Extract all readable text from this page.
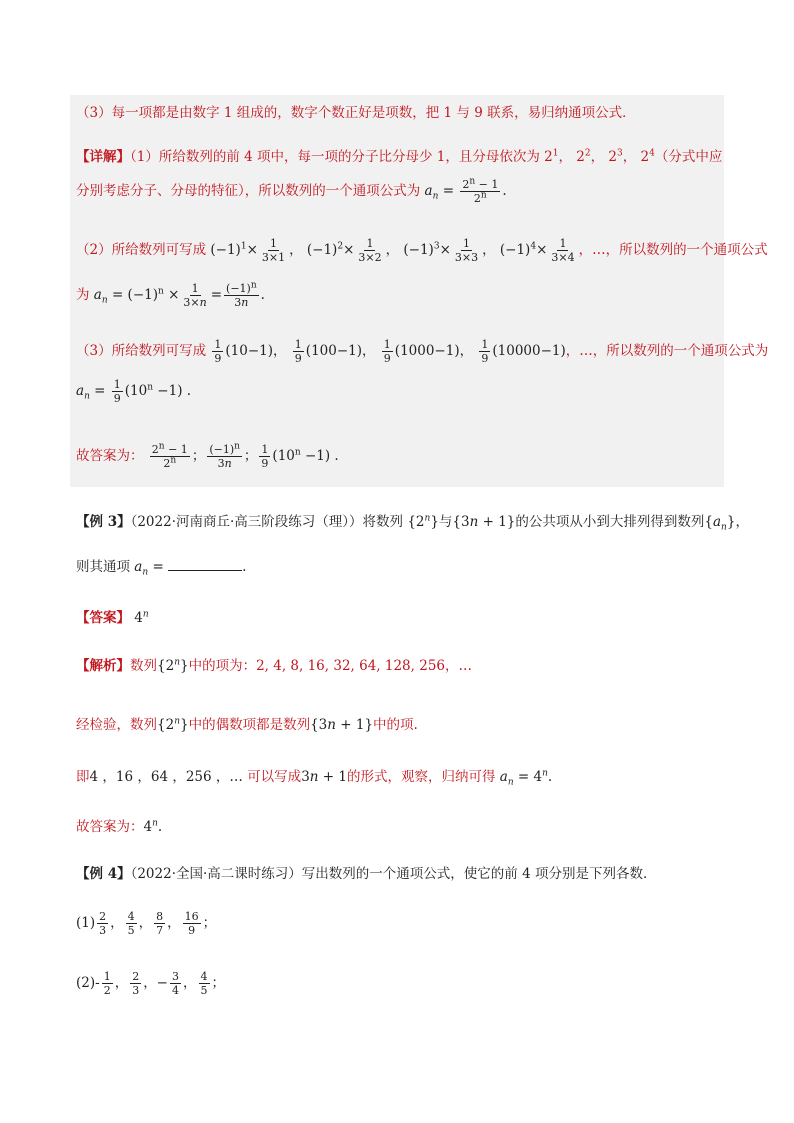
（3）每一项都是由数字 1 组成的，数字个数正好是项数，把 1 与 9 联系，易归纳通项公式．
【详解】（1）所给数列的前 4 项中，每一项的分子比分母少 1，且分母依次为 $2^1$， $2^2$， $2^3$， $2^4$（分式中应
分别考虑分子、分母的特征），所以数列的一个通项公式为 $a_n = \frac{2^n - 1}{2^n}$ .
（2）所给数列可写成 $(-1)^1\times \frac{1}{3\times 1}$ ， $(-1)^2\times \frac{1}{3\times 2}$ ， $(-1)^3\times \frac{1}{3\times 3}$ ， $(-1)^4\times \frac{1}{3\times 4}$ ，…，所以数列的一个通项公式
为 $a_n = (-1)^n \times \frac{1}{3\times n} = \frac{(-1)^n}{3n}$ .
（3）所给数列可写成 $\frac{1}{9} (10-1)$， $\frac{1}{9} (100-1)$， $\frac{1}{9} (1000-1)$， $\frac{1}{9} (10000-1)$，…，所以数列的一个通项公式为
$a_n = \frac{1}{9} (10^n -1)$ .
故答案为： $\frac{2^n - 1}{2^n}$ ； $\frac{(-1)^n}{3n}$ ； $\frac{1}{9} (10^n -1)$ .
【例 3】（2022·河南商丘·高三阶段练习（理））将数列 {2$^n$}与{3n + 1}的公共项从小到大排列得到数列$\{a_n\}$，
则其通项 $a_n$ =	.
【答案】 4$^n$
【解析】数列{2$^n$}中的项为：2, 4, 8, 16, 32, 64, 128, 256，…
经检验，数列{2$^n$}中的偶数项都是数列{3n + 1}中的项.
即4 ，16 ，64 ，256 ，… 可以写成3n + 1的形式，观察，归纳可得 $a_n = 4^n$.
故答案为：4$^n$.
【例 4】（2022·全国·高二课时练习）写出数列的一个通项公式，使它的前 4 项分别是下列各数．
$(1) \frac{2}{3}$ ， $\frac{4}{5}$ ， $\frac{8}{7}$ ， $\frac{16}{9}$ ；
$(2)- \frac{1}{2}$ ， $\frac{2}{3}$ ，− $\frac{3}{4}$ ， $\frac{4}{5}$ ；
